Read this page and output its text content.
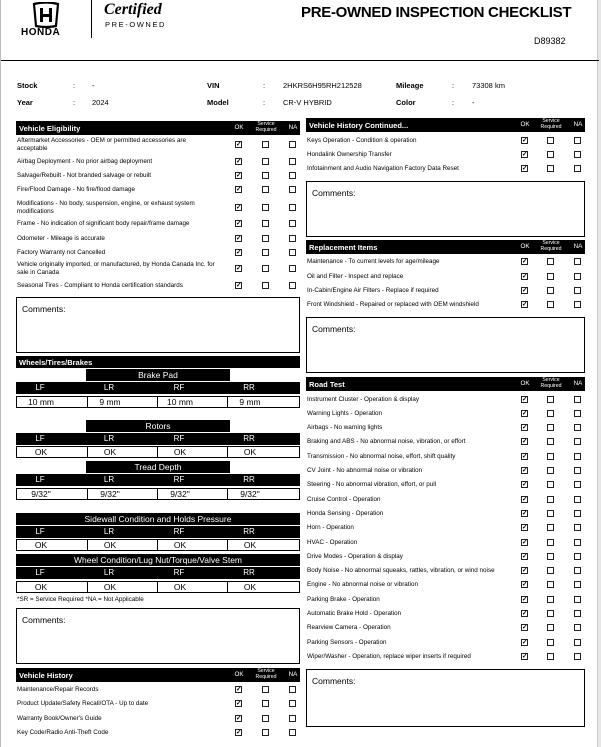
HONDA
Certified
PRE-OWNED
PRE-OWNED INSPECTION CHECKLIST
D89382
Stock	: -
Year	: 2024
VIN	: 2HKRS6H95RH212528
Model	: CR-V HYBRID
Mileage	: 73308 km
Color	: -
Vehicle Eligibility	OK	Service Required	NA
Aftermarket Accessories - OEM or permitted accessories are acceptable	✓
Airbag Deployment - No prior airbag deployment	✓
Salvage/Rebuilt - Not branded salvage or rebuilt	✓
Fire/Flood Damage - No fire/flood damage	✓
Modifications - No body, suspension, engine, or exhaust system modifications	✓
Frame - No indication of significant body repair/frame damage	✓
Odometer - Mileage is accurate	✓
Factory Warranty not Cancelled	✓
Vehicle originally imported, or manufactured, by Honda Canada Inc. for sale in Canada	✓
Seasonal Tires - Compliant to Honda certification standards	✓
Comments:
Vehicle History Continued...	OK	Service Required	NA
Keys Operation - Condition & operation	✓
Hondalink Ownership Transfer	✓
Infotainment and Audio Navigation Factory Data Reset	✓
Comments:
Replacement Items	OK	Service Required	NA
Maintenance - To current levels for age/mileage	✓
Oil and Filter - Inspect and replace	✓
In-Cabin/Engine Air Filters - Replace if required	✓
Front Windshield - Repaired or replaced with OEM windshield	✓
Comments:
Road Test	OK	Service Required	NA
Instrument Cluster - Operation & display	✓
Warning Lights - Operation	✓
Airbags - No warning lights	✓
Braking and ABS - No abnormal noise, vibration, or effort	✓
Transmission - No abnormal noise, effort, shift quality	✓
CV Joint - No abnormal noise or vibration	✓
Steering - No abnormal vibration, effort, or pull	✓
Cruise Control - Operation	✓
Honda Sensing - Operation	✓
Horn - Operation	✓
HVAC - Operation	✓
Drive Modes - Operation & display	✓
Body Noise - No abnormal squeaks, rattles, vibration, or wind noise	✓
Engine - No abnormal noise or vibration	✓
Parking Brake - Operation	✓
Automatic Brake Hold - Operation	✓
Rearview Camera - Operation	✓
Parking Sensors - Operation	✓
Wiper/Washer - Operation, replace wiper inserts if required	✓
Comments:
Vehicle History	OK	Service Required	NA
Maintenance/Repair Records	✓
Product Update/Safety Recall/OTA - Up to date	✓
Warranty Book/Owner's Guide	✓
Key Code/Radio Anti-Theft Code	✓
Wheels/Tires/Brakes
Brake Pad
LF	LR	RF	RR
10 mm	9 mm	10 mm	9 mm
Rotors
LF	LR	RF	RR
OK	OK	OK	OK
Tread Depth
LF	LR	RF	RR
9/32"	9/32"	9/32"	9/32"
Sidewall Condition and Holds Pressure
LF	LR	RF	RR
OK	OK	OK	OK
Wheel Condition/Lug Nut/Torque/Valve Stem
LF	LR	RF	RR
OK	OK	OK	OK
*SR = Service Required *NA = Not Applicable
Comments:
